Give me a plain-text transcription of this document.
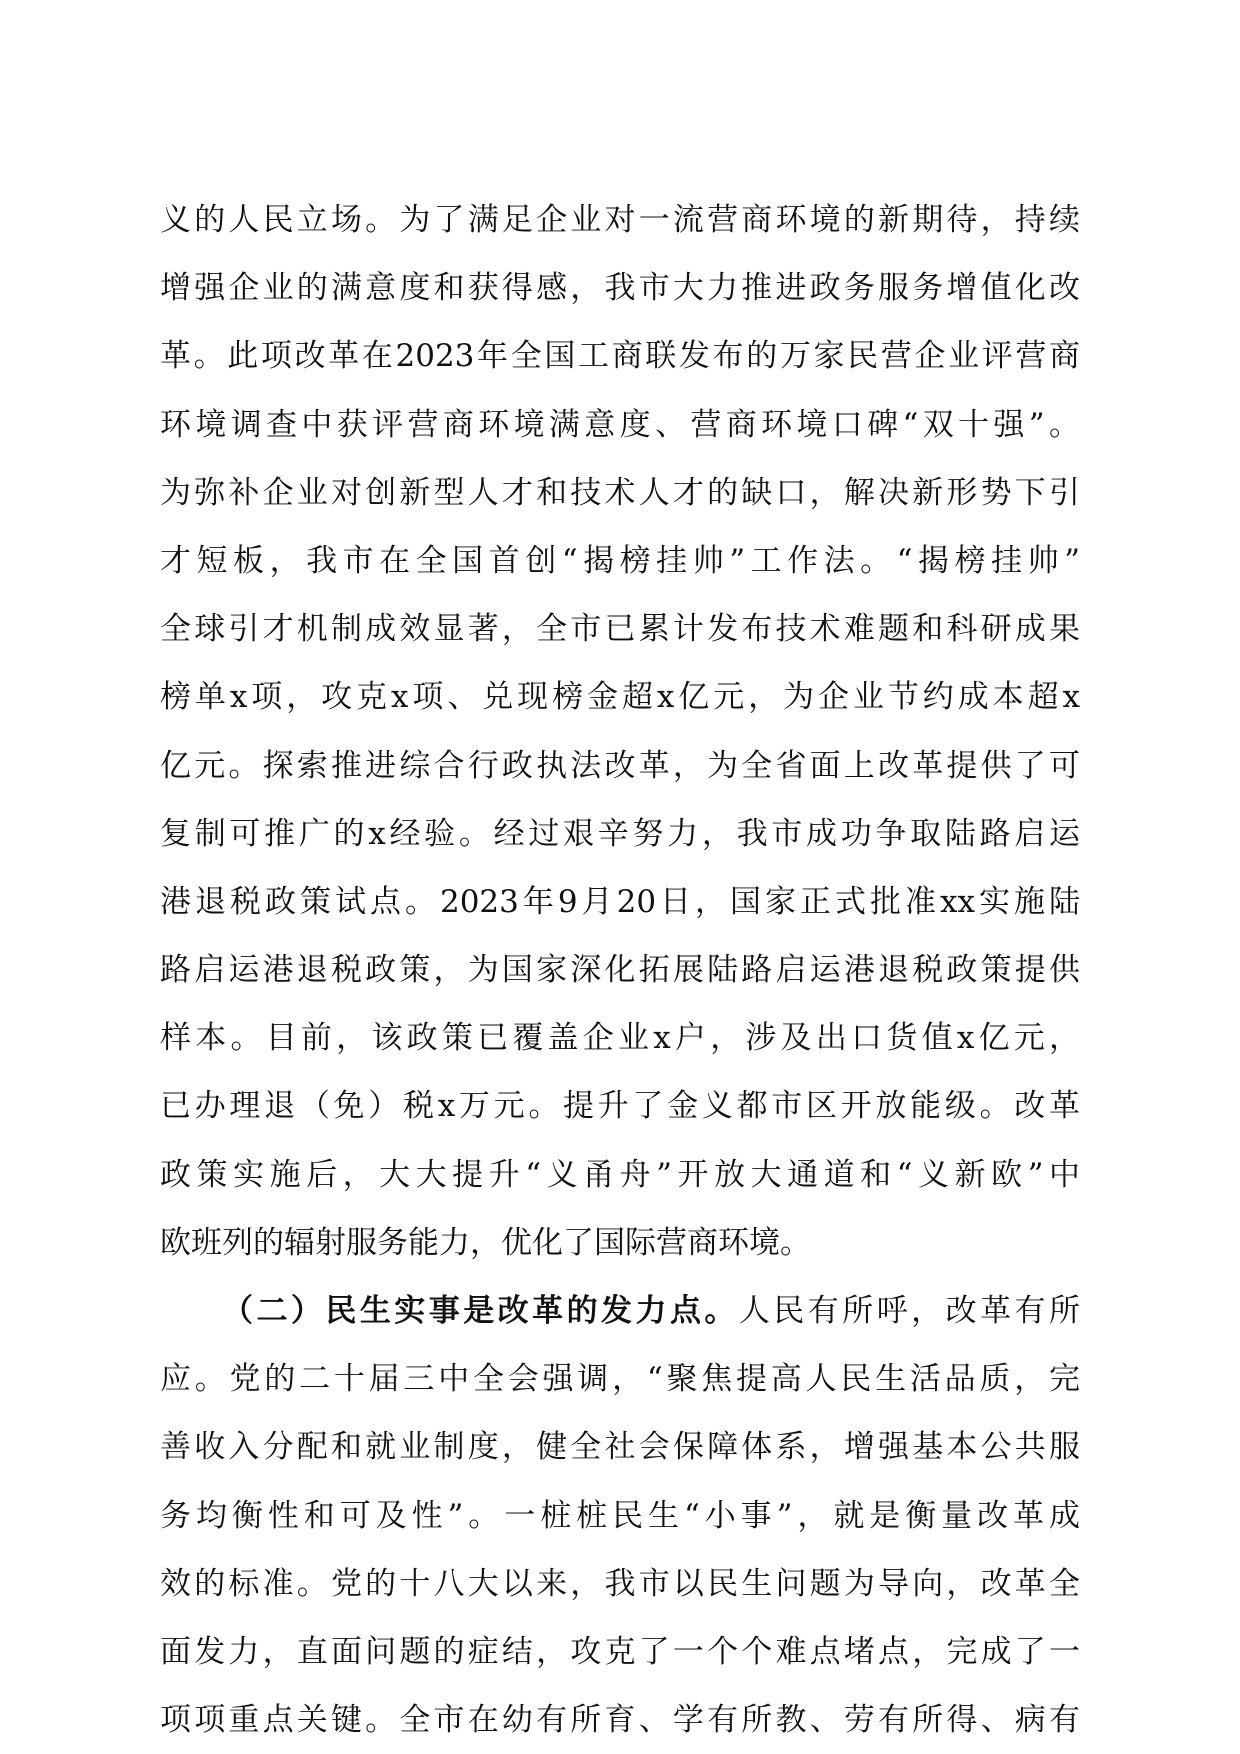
义的人民立场。为了满足企业对一流营商环境的新期待，持续
增强企业的满意度和获得感，我市大力推进政务服务增值化改
革。此项改革在2023年全国工商联发布的万家民营企业评营商
环境调查中获评营商环境满意度、营商环境口碑“双十强”。
为弥补企业对创新型人才和技术人才的缺口，解决新形势下引
才短板，我市在全国首创“揭榜挂帅”工作法。“揭榜挂帅”
全球引才机制成效显著，全市已累计发布技术难题和科研成果
榜单x项，攻克x项、兑现榜金超x亿元，为企业节约成本超x
亿元。探索推进综合行政执法改革，为全省面上改革提供了可
复制可推广的x经验。经过艰辛努力，我市成功争取陆路启运
港退税政策试点。2023年9月20日，国家正式批准xx实施陆
路启运港退税政策，为国家深化拓展陆路启运港退税政策提供
样本。目前，该政策已覆盖企业x户，涉及出口货值x亿元，
已办理退（免）税x万元。提升了金义都市区开放能级。改革
政策实施后，大大提升“义甬舟”开放大通道和“义新欧”中
欧班列的辐射服务能力，优化了国际营商环境。
（二）民生实事是改革的发力点。人民有所呼，改革有所
应。党的二十届三中全会强调，“聚焦提高人民生活品质，完
善收入分配和就业制度，健全社会保障体系，增强基本公共服
务均衡性和可及性”。一桩桩民生“小事”，就是衡量改革成
效的标准。党的十八大以来，我市以民生问题为导向，改革全
面发力，直面问题的症结，攻克了一个个难点堵点，完成了一
项项重点关键。全市在幼有所育、学有所教、劳有所得、病有
